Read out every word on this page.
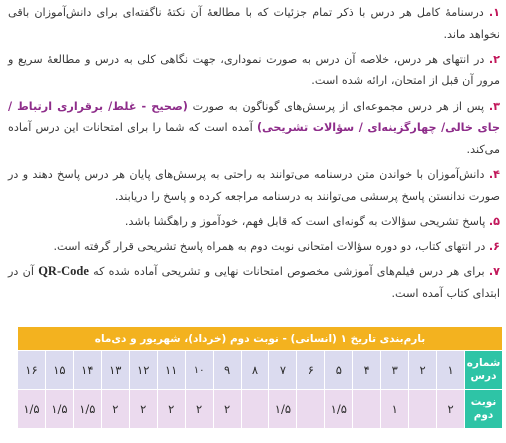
۱. درسنامهٔ کامل هر درس با ذکر تمام جزئیات که با مطالعهٔ آن نکتهٔ ناگفته‌ای برای دانش‌آموزان باقی نخواهد ماند.

۲. در انتهای هر درس، خلاصه آن درس به صورت نموداری، جهت نگاهی کلی به درس و مطالعهٔ سریع و مرور آن قبل از امتحان، ارائه شده است.

۳. پس از هر درس مجموعه‌ای از پرسش‌های گوناگون به صورت (صحیح - غلط/ برقراری ارتباط / جای خالی/ چهارگزینه‌ای / سؤالات تشریحی) آمده است که شما را برای امتحانات این درس آماده می‌کند.

۴. دانش‌آموزان با خواندن متن درسنامه می‌توانند به راحتی به پرسش‌های پایان هر درس پاسخ دهند و در صورت ندانستن پاسخ پرسشی می‌توانند به درسنامه مراجعه کرده و پاسخ را دریابند.

۵. پاسخ تشریحی سؤالات به گونه‌ای است که قابل فهم، خودآموز و راهگشا باشد.

۶. در انتهای کتاب، دو دوره سؤالات امتحانی نوبت دوم به همراه پاسخ تشریحی قرار گرفته است.

۷. برای هر درس فیلم‌های آموزشی مخصوص امتحانات نهایی و تشریحی آماده شده که QR-Code آن در ابتدای کتاب آمده است.

بارم‌بندی تاریخ ۱ (انسانی) - نوبت دوم (خرداد)، شهریور و دی‌ماه																
شماره درس	۱	۲	۳	۴	۵	۶	۷	۸	۹	۱۰	۱۱	۱۲	۱۳	۱۴	۱۵	۱۶
نوبت دوم	۲		۱		۱/۵		۱/۵		۲	۲	۲	۲	۲	۱/۵	۱/۵	۱/۵
